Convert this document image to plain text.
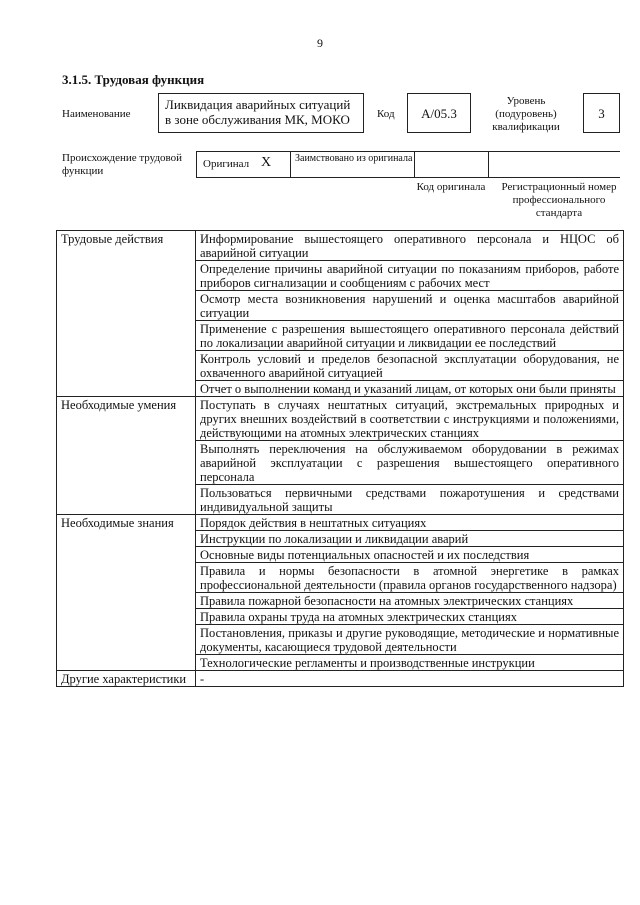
9
3.1.5. Трудовая функция
Наименование
Ликвидация аварийных ситуаций в зоне обслуживания МК, МОКО	Код	А/05.3
Уровень (подуровень) квалификации
3
Происхождение трудовой функции
Оригинал X Заимствовано из оригинала
Код оригинала	Регистрационный номер профессионального стандарта
Трудовые действия	Информирование вышестоящего оперативного персонала и НЦОС об аварийной ситуации
	Определение причины аварийной ситуации по показаниям приборов, работе приборов сигнализации и сообщениям с рабочих мест
	Осмотр места возникновения нарушений и оценка масштабов аварийной ситуации
	Применение с разрешения вышестоящего оперативного персонала действий по локализации аварийной ситуации и ликвидации ее последствий
	Контроль условий и пределов безопасной эксплуатации оборудования, не охваченного аварийной ситуацией
	Отчет о выполнении команд и указаний лицам, от которых они были приняты
Необходимые умения	Поступать в случаях нештатных ситуаций, экстремальных природных и других внешних воздействий в соответствии с инструкциями и положениями, действующими на атомных электрических станциях
	Выполнять переключения на обслуживаемом оборудовании в режимах аварийной эксплуатации с разрешения вышестоящего оперативного персонала
	Пользоваться первичными средствами пожаротушения и средствами индивидуальной защиты
Необходимые знания	Порядок действия в нештатных ситуациях
	Инструкции по локализации и ликвидации аварий
	Основные виды потенциальных опасностей и их последствия
	Правила и нормы безопасности в атомной энергетике в рамках профессиональной деятельности (правила органов государственного надзора)
	Правила пожарной безопасности на атомных электрических станциях
	Правила охраны труда на атомных электрических станциях
	Постановления, приказы и другие руководящие, методические и нормативные документы, касающиеся трудовой деятельности
	Технологические регламенты и производственные инструкции
Другие характеристики	-
